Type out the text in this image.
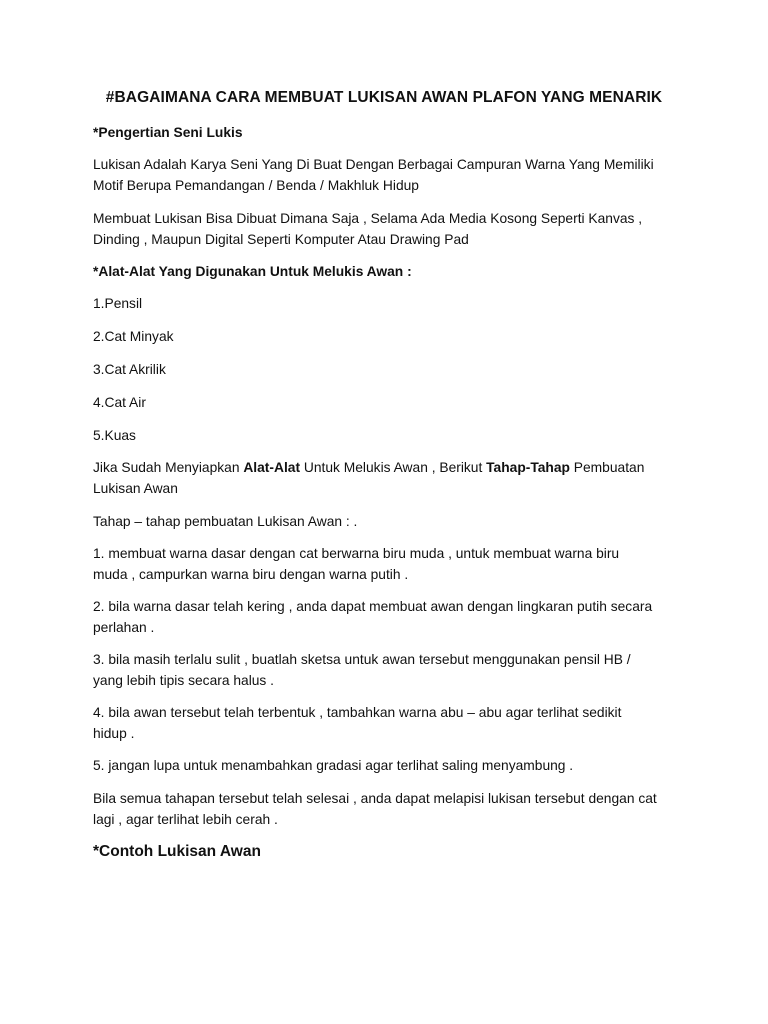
#BAGAIMANA CARA MEMBUAT LUKISAN AWAN PLAFON YANG MENARIK
*Pengertian Seni Lukis
Lukisan Adalah Karya Seni Yang Di Buat Dengan Berbagai Campuran Warna Yang Memiliki
Motif Berupa Pemandangan / Benda / Makhluk Hidup
Membuat Lukisan Bisa Dibuat Dimana Saja , Selama Ada Media Kosong Seperti Kanvas ,
Dinding , Maupun Digital Seperti Komputer Atau Drawing Pad
*Alat-Alat Yang Digunakan Untuk Melukis Awan :
1.Pensil
2.Cat Minyak
3.Cat Akrilik
4.Cat Air
5.Kuas
Jika Sudah Menyiapkan Alat-Alat Untuk Melukis Awan , Berikut Tahap-Tahap Pembuatan
Lukisan Awan
Tahap – tahap pembuatan Lukisan Awan : .
1. membuat warna dasar dengan cat berwarna biru muda , untuk membuat warna biru
muda , campurkan warna biru dengan warna putih .
2. bila warna dasar telah kering , anda dapat membuat awan dengan lingkaran putih secara
perlahan .
3. bila masih terlalu sulit , buatlah sketsa untuk awan tersebut menggunakan pensil HB /
yang lebih tipis secara halus .
4. bila awan tersebut telah terbentuk , tambahkan warna abu – abu agar terlihat sedikit
hidup .
5. jangan lupa untuk menambahkan gradasi agar terlihat saling menyambung .
Bila semua tahapan tersebut telah selesai , anda dapat melapisi lukisan tersebut dengan cat
lagi , agar terlihat lebih cerah .
*Contoh Lukisan Awan
